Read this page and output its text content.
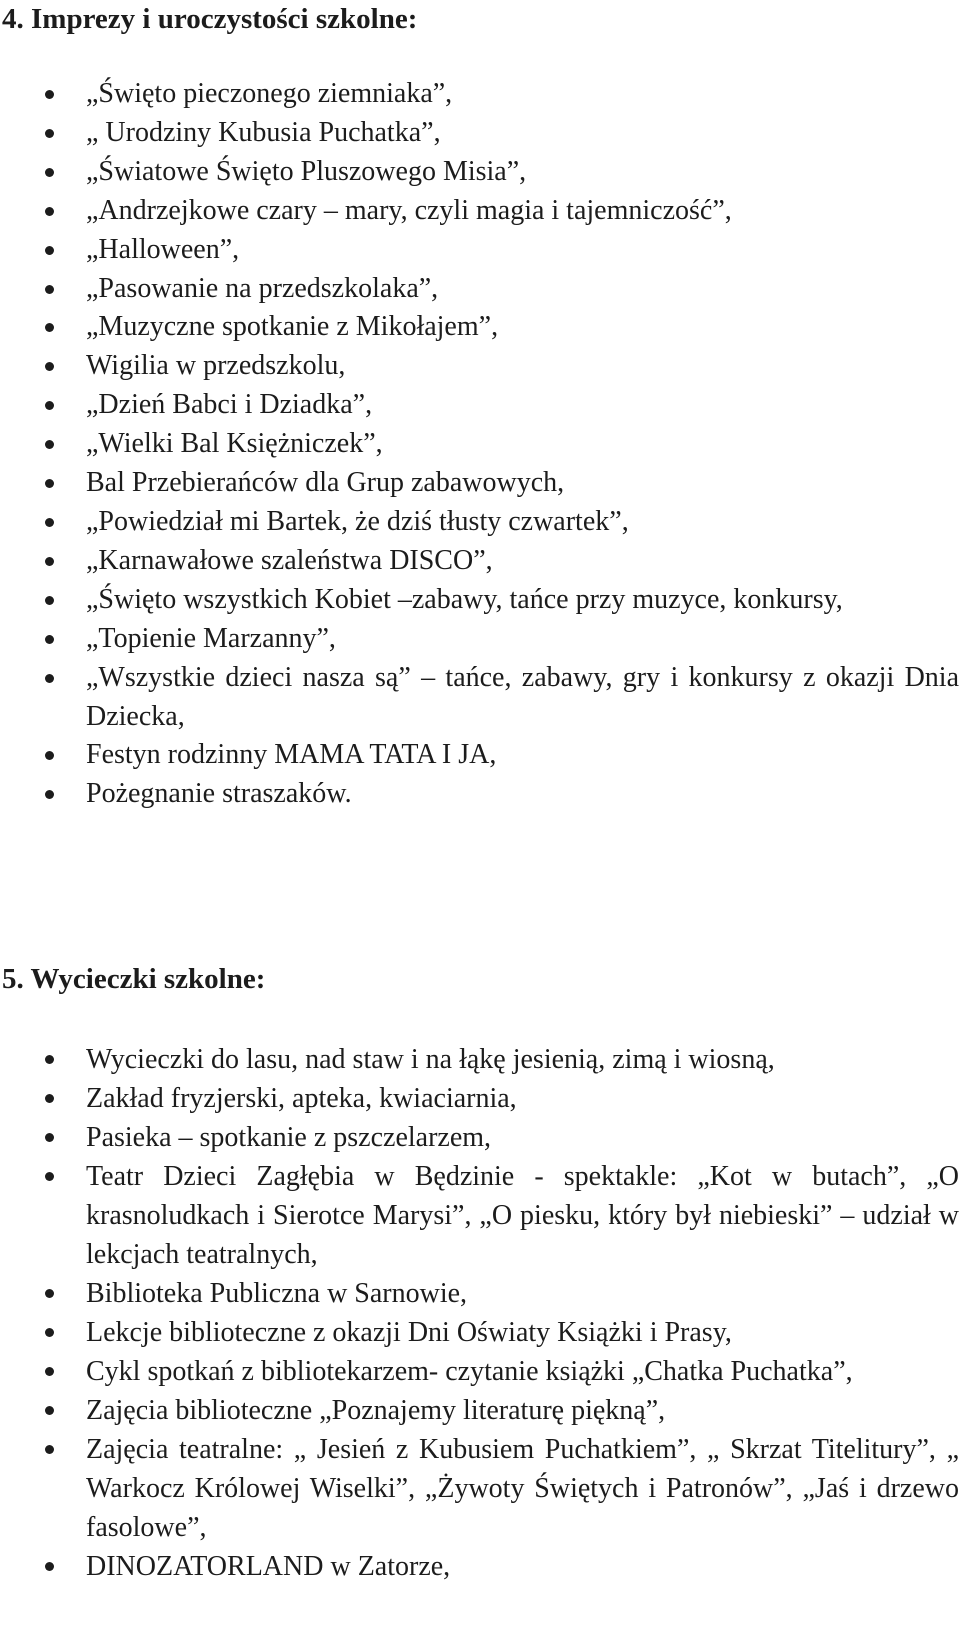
4. Imprezy i uroczystości szkolne:
„Święto pieczonego ziemniaka”,
„ Urodziny Kubusia Puchatka”,
„Światowe Święto Pluszowego Misia”,
„Andrzejkowe czary – mary, czyli magia i tajemniczość”,
„Halloween”,
„Pasowanie na przedszkolaka”,
„Muzyczne spotkanie z Mikołajem”,
Wigilia w przedszkolu,
„Dzień Babci i Dziadka”,
„Wielki Bal Księżniczek”,
Bal Przebierańców dla Grup zabawowych,
„Powiedział mi Bartek, że dziś tłusty czwartek”,
„Karnawałowe szaleństwa DISCO”,
„Święto wszystkich Kobiet –zabawy, tańce przy muzyce, konkursy,
„Topienie Marzanny”,
„Wszystkie dzieci nasza są” – tańce, zabawy, gry i konkursy z okazji Dnia Dziecka,
Festyn rodzinny MAMA TATA I JA,
Pożegnanie straszaków.
5. Wycieczki szkolne:
Wycieczki do lasu, nad staw i na łąkę jesienią, zimą i wiosną,
Zakład fryzjerski, apteka, kwiaciarnia,
Pasieka – spotkanie z pszczelarzem,
Teatr Dzieci Zagłębia w Będzinie - spektakle: „Kot w butach”, „O krasnoludkach i Sierotce Marysi”, „O piesku, który był niebieski” – udział w lekcjach teatralnych,
Biblioteka Publiczna w Sarnowie,
Lekcje biblioteczne z okazji Dni Oświaty Książki i Prasy,
Cykl spotkań z bibliotekarzem- czytanie książki „Chatka Puchatka”,
Zajęcia biblioteczne „Poznajemy literaturę piękną”,
Zajęcia teatralne: „ Jesień z Kubusiem Puchatkiem”, „ Skrzat Titelitury”, „ Warkocz Królowej Wiselki”, „Żywoty Świętych i Patronów”, „Jaś i drzewo fasolowe”,
DINOZATORLAND w Zatorze,
